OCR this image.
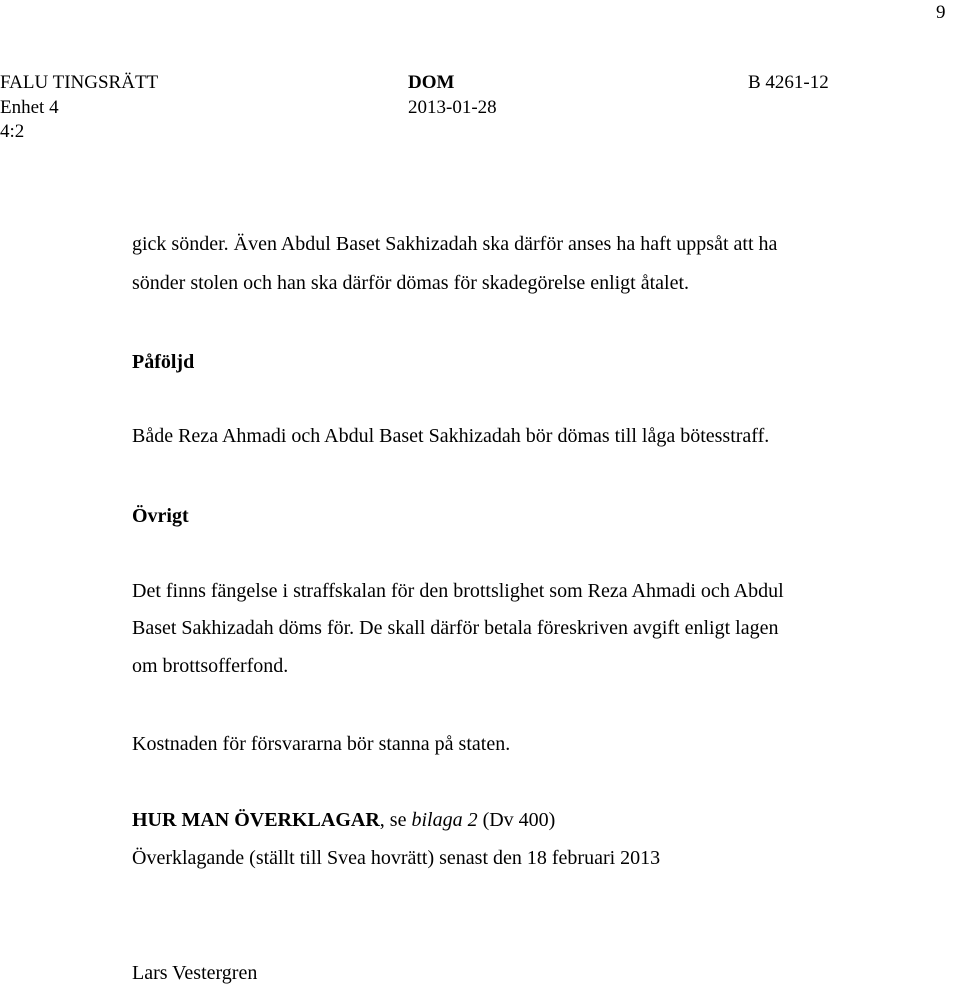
9
FALU TINGSRÄTT
Enhet 4
4:2
DOM
2013-01-28
B 4261-12
gick sönder. Även Abdul Baset Sakhizadah ska därför anses ha haft uppsåt att ha
sönder stolen och han ska därför dömas för skadegörelse enligt åtalet.
Påföljd
Både Reza Ahmadi och Abdul Baset Sakhizadah bör dömas till låga bötesstraff.
Övrigt
Det finns fängelse i straffskalan för den brottslighet som Reza Ahmadi och Abdul
Baset Sakhizadah döms för. De skall därför betala föreskriven avgift enligt lagen
om brottsofferfond.
Kostnaden för försvararna bör stanna på staten.
HUR MAN ÖVERKLAGAR, se bilaga 2 (Dv 400)
Överklagande (ställt till Svea hovrätt) senast den 18 februari 2013
Lars Vestergren
